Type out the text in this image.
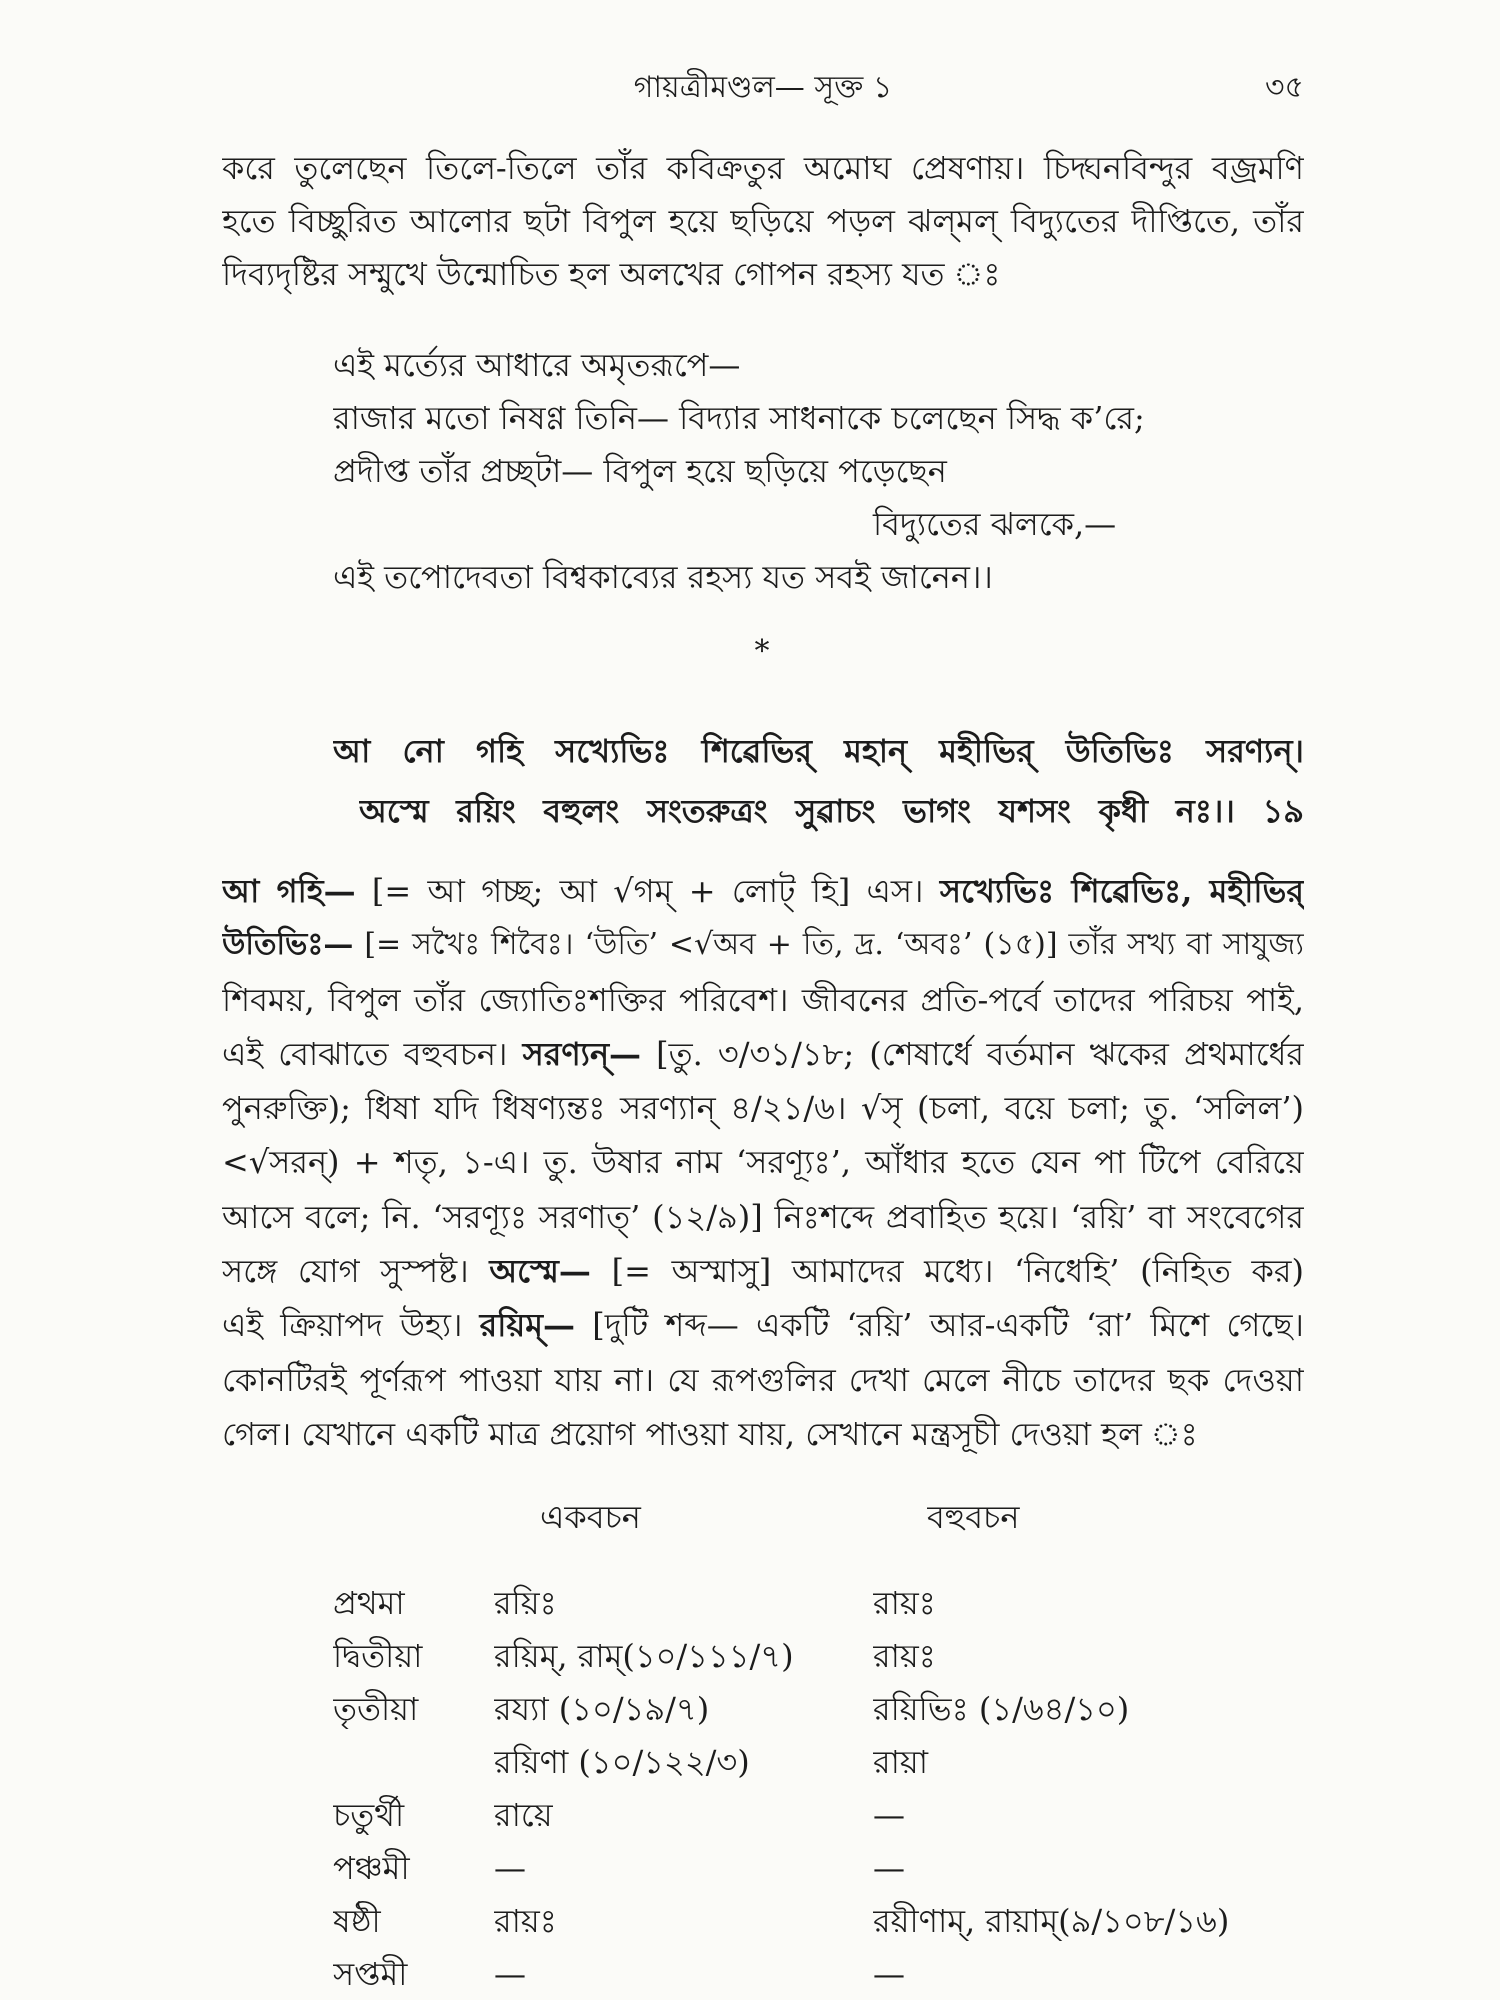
গায়ত্রীমণ্ডল— সূক্ত ১	৩৫
করে তুলেছেন তিলে-তিলে তাঁর কবিক্রতুর অমোঘ প্রেষণায়। চিদ্ঘনবিন্দুর বজ্রমণি
হতে বিচ্ছুরিত আলোর ছটা বিপুল হয়ে ছড়িয়ে পড়ল ঝল্‌মল্ বিদ্যুতের দীপ্তিতে, তাঁর
দিব্যদৃষ্টির সম্মুখে উন্মোচিত হল অলখের গোপন রহস্য যত ঃ
এই মর্ত্যের আধারে অমৃতরূপে—
রাজার মতো নিষণ্ণ তিনি— বিদ্যার সাধনাকে চলেছেন সিদ্ধ ক’রে;
প্রদীপ্ত তাঁর প্রচ্ছটা— বিপুল হয়ে ছড়িয়ে পড়েছেন
বিদ্যুতের ঝলকে,—
এই তপোদেবতা বিশ্বকাব্যের রহস্য যত সবই জানেন।।
*
আ নো গহি সখ্যেভিঃ শিৱেভির্ মহান্ মহীভির্ উতিভিঃ সরণ্যন্।
অস্মে রয়িং বহুলং সংতরুত্রং সুৱাচং ভাগং যশসং কৃধী নঃ।। ১৯
আ গহি— [= আ গচ্ছ; আ √গম্ + লোট্ হি] এস। সখ্যেভিঃ শিৱেভিঃ, মহীভির্
উতিভিঃ— [= সখৈঃ শিবৈঃ। ‘উতি’ <√অব + তি, দ্র. ‘অবঃ’ (১৫)] তাঁর সখ্য বা সাযুজ্য
শিবময়, বিপুল তাঁর জ্যোতিঃশক্তির পরিবেশ। জীবনের প্রতি-পর্বে তাদের পরিচয় পাই,
এই বোঝাতে বহুবচন। সরণ্যন্— [তু. ৩/৩১/১৮; (শেষার্ধে বর্তমান ঋকের প্রথমার্ধের
পুনরুক্তি); ধিষা যদি ধিষণ্যন্তঃ সরণ্যান্ ৪/২১/৬। √সৃ (চলা, বয়ে চলা; তু. ‘সলিল’)
<√সরন্) + শতৃ, ১-এ। তু. উষার নাম ‘সরণ্যূঃ’, আঁধার হতে যেন পা টিপে বেরিয়ে
আসে বলে; নি. ‘সরণ্যূঃ সরণাত্’ (১২/৯)] নিঃশব্দে প্রবাহিত হয়ে। ‘রয়ি’ বা সংবেগের
সঙ্গে যোগ সুস্পষ্ট। অস্মে— [= অস্মাসু] আমাদের মধ্যে। ‘নিধেহি’ (নিহিত কর)
এই ক্রিয়াপদ উহ্য। রয়িম্— [দুটি শব্দ— একটি ‘রয়ি’ আর-একটি ‘রা’ মিশে গেছে।
কোনটিরই পূর্ণরূপ পাওয়া যায় না। যে রূপগুলির দেখা মেলে নীচে তাদের ছক দেওয়া
গেল। যেখানে একটি মাত্র প্রয়োগ পাওয়া যায়, সেখানে মন্ত্রসূচী দেওয়া হল ঃ
একবচন	বহুবচন
প্রথমা	রয়িঃ	রায়ঃ
দ্বিতীয়া	রয়িম্, রাম্(১০/১১১/৭)	রায়ঃ
তৃতীয়া	রয্যা (১০/১৯/৭)	রয়িভিঃ (১/৬৪/১০)
রয়িণা (১০/১২২/৩)	রায়া
চতুর্থী	রায়ে	—
পঞ্চমী	—	—
ষষ্ঠী	রায়ঃ	রয়ীণাম্, রায়াম্(৯/১০৮/১৬)
সপ্তমী	—	—
